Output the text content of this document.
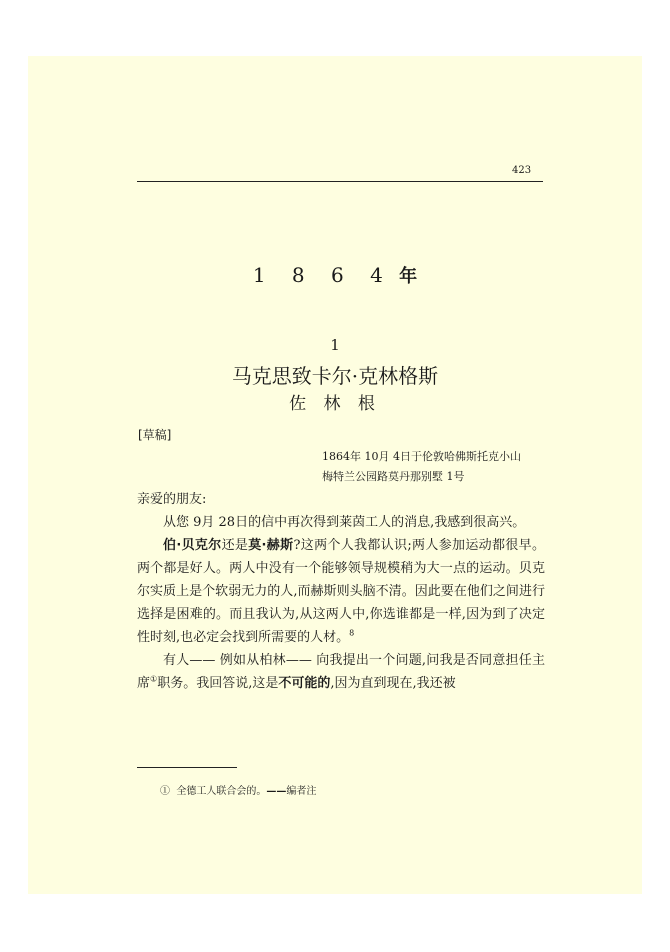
423
1 8 6 4 年
1
马克思致卡尔·克林格斯
佐 林 根
[草稿]
1864年 10月 4日于伦敦哈佛斯托克小山
梅特兰公园路莫丹那别墅 1号

亲爱的朋友:

从您 9月 28日的信中再次得到莱茵工人的消息,我感到很高兴。

伯·贝克尔还是莫·赫斯?这两个人我都认识;两人参加运动都很早。两个都是好人。两人中没有一个能够领导规模稍为大一点的运动。贝克尔实质上是个软弱无力的人,而赫斯则头脑不清。因此要在他们之间进行选择是困难的。而且我认为,从这两人中,你选谁都是一样,因为到了决定性时刻,也必定会找到所需要的人材。$^8$

有人—— 例如从柏林—— 向我提出一个问题,问我是否同意担任主席①职务。我回答说,这是不可能的,因为直到现在,我还被

① 全德工人联合会的。——编者注
